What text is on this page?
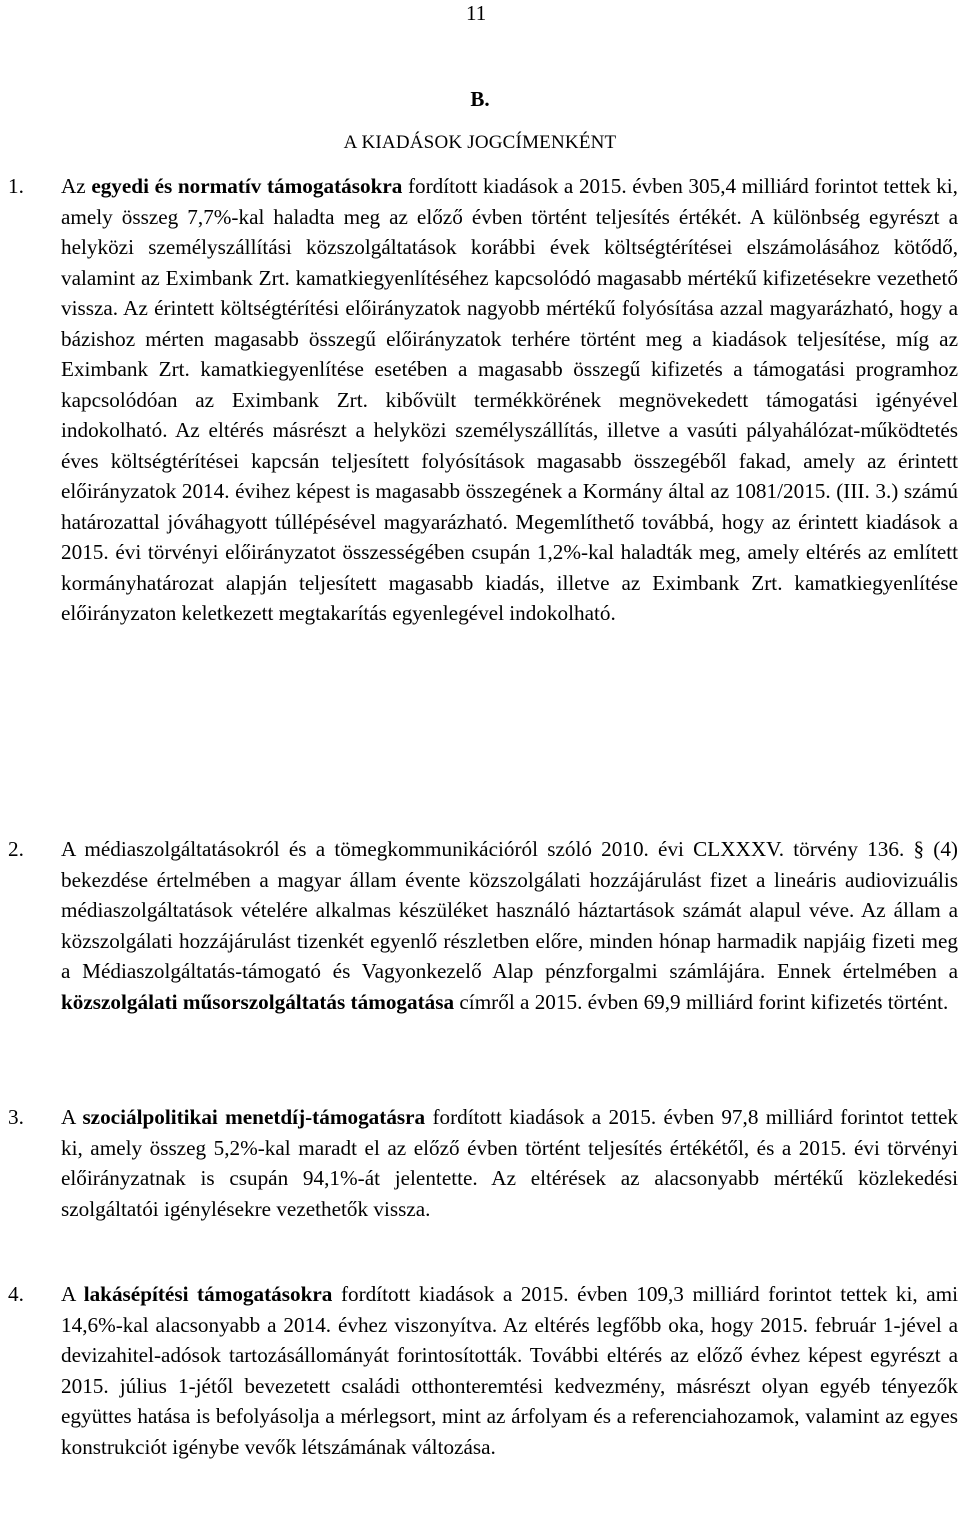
11
B.
A KIADÁSOK JOGCÍMENKÉNT
1. Az egyedi és normatív támogatásokra fordított kiadások a 2015. évben 305,4 milliárd forintot tettek ki, amely összeg 7,7%-kal haladta meg az előző évben történt teljesítés értékét. A különbség egyrészt a helyközi személyszállítási közszolgáltatások korábbi évek költségtérítései elszámolásához kötődő, valamint az Eximbank Zrt. kamatkiegyenlítéséhez kapcsolódó magasabb mértékű kifizetésekre vezethető vissza. Az érintett költségtérítési előirányzatok nagyobb mértékű folyósítása azzal magyarázható, hogy a bázishoz mérten magasabb összegű előirányzatok terhére történt meg a kiadások teljesítése, míg az Eximbank Zrt. kamatkiegyenlítése esetében a magasabb összegű kifizetés a támogatási programhoz kapcsolódóan az Eximbank Zrt. kibővült termékkörének megnövekedett támogatási igényével indokolható. Az eltérés másrészt a helyközi személyszállítás, illetve a vasúti pályahálózat-működtetés éves költségtérítései kapcsán teljesített folyósítások magasabb összegéből fakad, amely az érintett előirányzatok 2014. évihez képest is magasabb összegének a Kormány által az 1081/2015. (III. 3.) számú határozattal jóváhagyott túllépésével magyarázható. Megemlíthető továbbá, hogy az érintett kiadások a 2015. évi törvényi előirányzatot összességében csupán 1,2%-kal haladták meg, amely eltérés az említett kormányhatározat alapján teljesített magasabb kiadás, illetve az Eximbank Zrt. kamatkiegyenlítése előirányzaton keletkezett megtakarítás egyenlegével indokolható.
2. A médiaszolgáltatásokról és a tömegkommunikációról szóló 2010. évi CLXXXV. törvény 136. § (4) bekezdése értelmében a magyar állam évente közszolgálati hozzájárulást fizet a lineáris audiovizuális médiaszolgáltatások vételére alkalmas készüléket használó háztartások számát alapul véve. Az állam a közszolgálati hozzájárulást tizenkét egyenlő részletben előre, minden hónap harmadik napjáig fizeti meg a Médiaszolgáltatás-támogató és Vagyonkezelő Alap pénzforgalmi számlájára. Ennek értelmében a közszolgálati műsorszolgáltatás támogatása címről a 2015. évben 69,9 milliárd forint kifizetés történt.
3. A szociálpolitikai menetdíj-támogatásra fordított kiadások a 2015. évben 97,8 milliárd forintot tettek ki, amely összeg 5,2%-kal maradt el az előző évben történt teljesítés értékétől, és a 2015. évi törvényi előirányzatnak is csupán 94,1%-át jelentette. Az eltérések az alacsonyabb mértékű közlekedési szolgáltatói igénylésekre vezethetők vissza.
4. A lakásépítési támogatásokra fordított kiadások a 2015. évben 109,3 milliárd forintot tettek ki, ami 14,6%-kal alacsonyabb a 2014. évhez viszonyítva. Az eltérés legfőbb oka, hogy 2015. február 1-jével a devizahitel-adósok tartozásállományát forintosították. További eltérés az előző évhez képest egyrészt a 2015. július 1-jétől bevezetett családi otthonteremtési kedvezmény, másrészt olyan egyéb tényezők együttes hatása is befolyásolja a mérlegsort, mint az árfolyam és a referenciahozamok, valamint az egyes konstrukciót igénybe vevők létszámának változása.
